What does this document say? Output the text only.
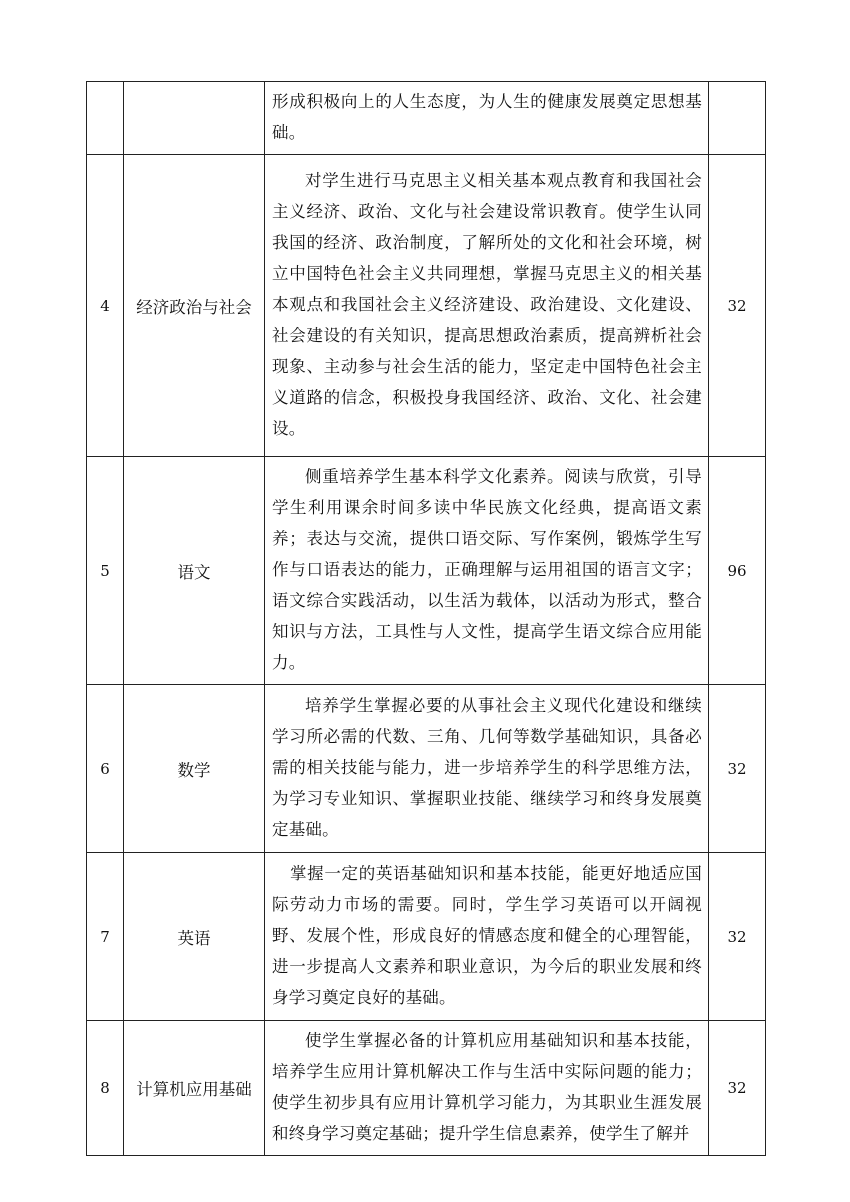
		形成积极向上的人生态度，为人生的健康发展奠定思想基础。	

4	经济政治与社会	对学生进行马克思主义相关基本观点教育和我国社会主义经济、政治、文化与社会建设常识教育。使学生认同我国的经济、政治制度，了解所处的文化和社会环境，树立中国特色社会主义共同理想，掌握马克思主义的相关基本观点和我国社会主义经济建设、政治建设、文化建设、社会建设的有关知识，提高思想政治素质，提高辨析社会现象、主动参与社会生活的能力，坚定走中国特色社会主义道路的信念，积极投身我国经济、政治、文化、社会建设。	32
5	语文	侧重培养学生基本科学文化素养。阅读与欣赏，引导学生利用课余时间多读中华民族文化经典，提高语文素养；表达与交流，提供口语交际、写作案例，锻炼学生写作与口语表达的能力，正确理解与运用祖国的语言文字；语文综合实践活动，以生活为载体，以活动为形式，整合知识与方法，工具性与人文性，提高学生语文综合应用能力。	96
6	数学	培养学生掌握必要的从事社会主义现代化建设和继续学习所必需的代数、三角、几何等数学基础知识，具备必需的相关技能与能力，进一步培养学生的科学思维方法，为学习专业知识、掌握职业技能、继续学习和终身发展奠定基础。	32
7	英语	掌握一定的英语基础知识和基本技能，能更好地适应国际劳动力市场的需要。同时，学生学习英语可以开阔视野、发展个性，形成良好的情感态度和健全的心理智能，进一步提高人文素养和职业意识，为今后的职业发展和终身学习奠定良好的基础。	32
8	计算机应用基础	使学生掌握必备的计算机应用基础知识和基本技能，培养学生应用计算机解决工作与生活中实际问题的能力；使学生初步具有应用计算机学习能力，为其职业生涯发展和终身学习奠定基础；提升学生信息素养，使学生了解并	32
